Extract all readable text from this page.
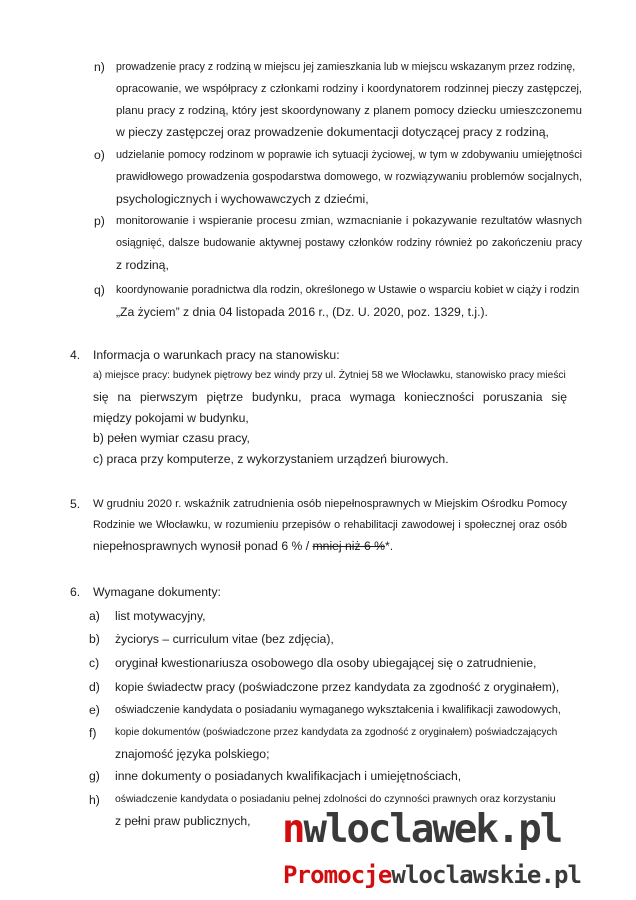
n) prowadzenie pracy z rodziną w miejscu jej zamieszkania lub w miejscu wskazanym przez rodzinę,
opracowanie, we współpracy z członkami rodziny i koordynatorem rodzinnej pieczy zastępczej,
planu pracy z rodziną, który jest skoordynowany z planem pomocy dziecku umieszczonemu
w pieczy zastępczej oraz prowadzenie dokumentacji dotyczącej pracy z rodziną,
o) udzielanie pomocy rodzinom w poprawie ich sytuacji życiowej, w tym w zdobywaniu umiejętności
prawidłowego prowadzenia gospodarstwa domowego, w rozwiązywaniu problemów socjalnych,
psychologicznych i wychowawczych z dziećmi,
p) monitorowanie i wspieranie procesu zmian, wzmacnianie i pokazywanie rezultatów własnych
osiągnięć, dalsze budowanie aktywnej postawy członków rodziny również po zakończeniu pracy
z rodziną,
q) koordynowanie poradnictwa dla rodzin, określonego w Ustawie o wsparciu kobiet w ciąży i rodzin
„Za życiem” z dnia 04 listopada 2016 r., (Dz. U. 2020, poz. 1329, t.j.).
4. Informacja o warunkach pracy na stanowisku:
a) miejsce pracy: budynek piętrowy bez windy przy ul. Żytniej 58 we Włocławku, stanowisko pracy mieści
się na pierwszym piętrze budynku, praca wymaga konieczności poruszania się
między pokojami w budynku,
b) pełen wymiar czasu pracy,
c) praca przy komputerze, z wykorzystaniem urządzeń biurowych.
5. W grudniu 2020 r. wskaźnik zatrudnienia osób niepełnosprawnych w Miejskim Ośrodku Pomocy
Rodzinie we Włocławku, w rozumieniu przepisów o rehabilitacji zawodowej i społecznej oraz osób
niepełnosprawnych wynosił ponad 6 % / mniej niż 6 %*.
6. Wymagane dokumenty:
a) list motywacyjny,
b) życiorys – curriculum vitae (bez zdjęcia),
c) oryginał kwestionariusza osobowego dla osoby ubiegającej się o zatrudnienie,
d) kopie świadectw pracy (poświadczone przez kandydata za zgodność z oryginałem),
e) oświadczenie kandydata o posiadaniu wymaganego wykształcenia i kwalifikacji zawodowych,
f) kopie dokumentów (poświadczone przez kandydata za zgodność z oryginałem) poświadczających
znajomość języka polskiego;
g) inne dokumenty o posiadanych kwalifikacjach i umiejętnościach,
h) oświadczenie kandydata o posiadaniu pełnej zdolności do czynności prawnych oraz korzystaniu
z pełni praw publicznych, nwloclawek.pl
Promocjewloclawskie.pl
